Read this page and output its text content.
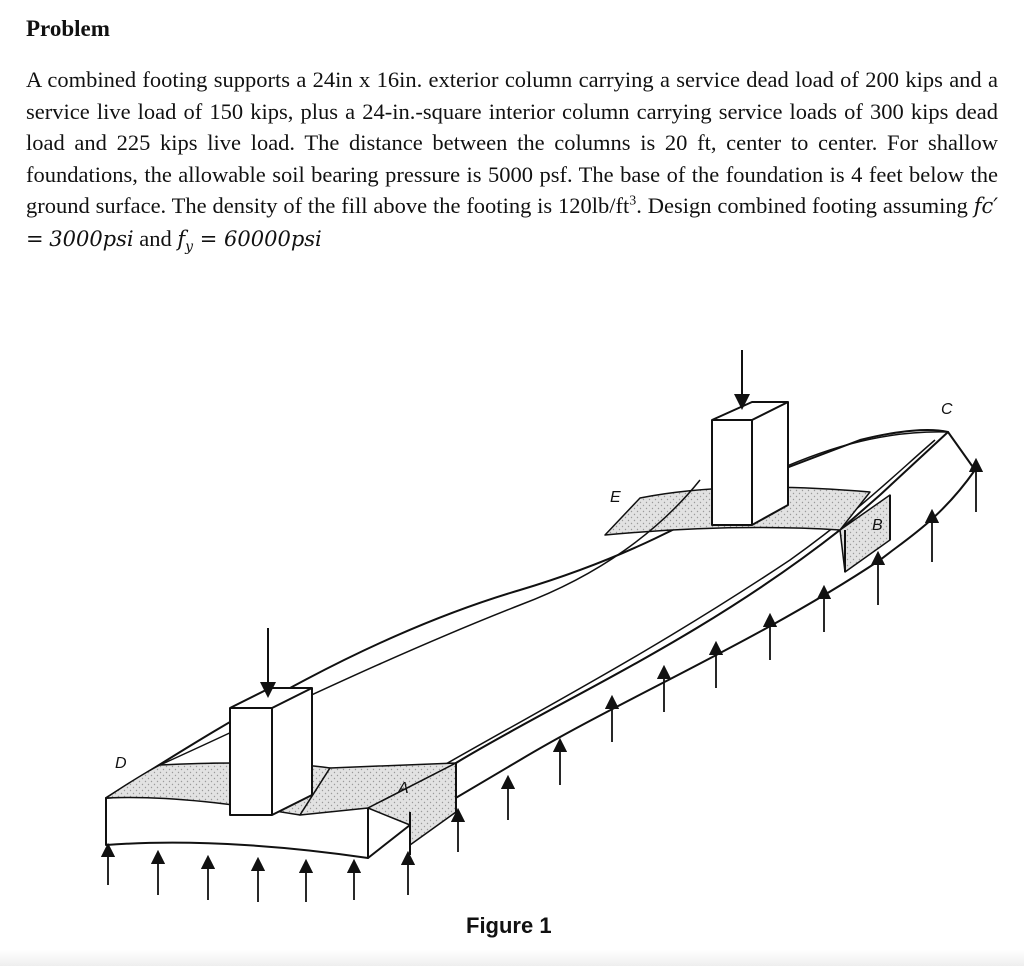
Problem

A combined footing supports a 24in x 16in. exterior column carrying a service dead load of 200 kips and a service live load of 150 kips, plus a 24-in.-square interior column carrying service loads of 300 kips dead load and 225 kips live load. The distance between the columns is 20 ft, center to center. For shallow foundations, the allowable soil bearing pressure is 5000 psf. The base of the foundation is 4 feet below the ground surface. The density of the fill above the footing is $120lb/ft^3$. Design combined footing assuming fc′ = 3000psi and $f_y = 60000psi$

D
A
E
B
C
Figure 1
